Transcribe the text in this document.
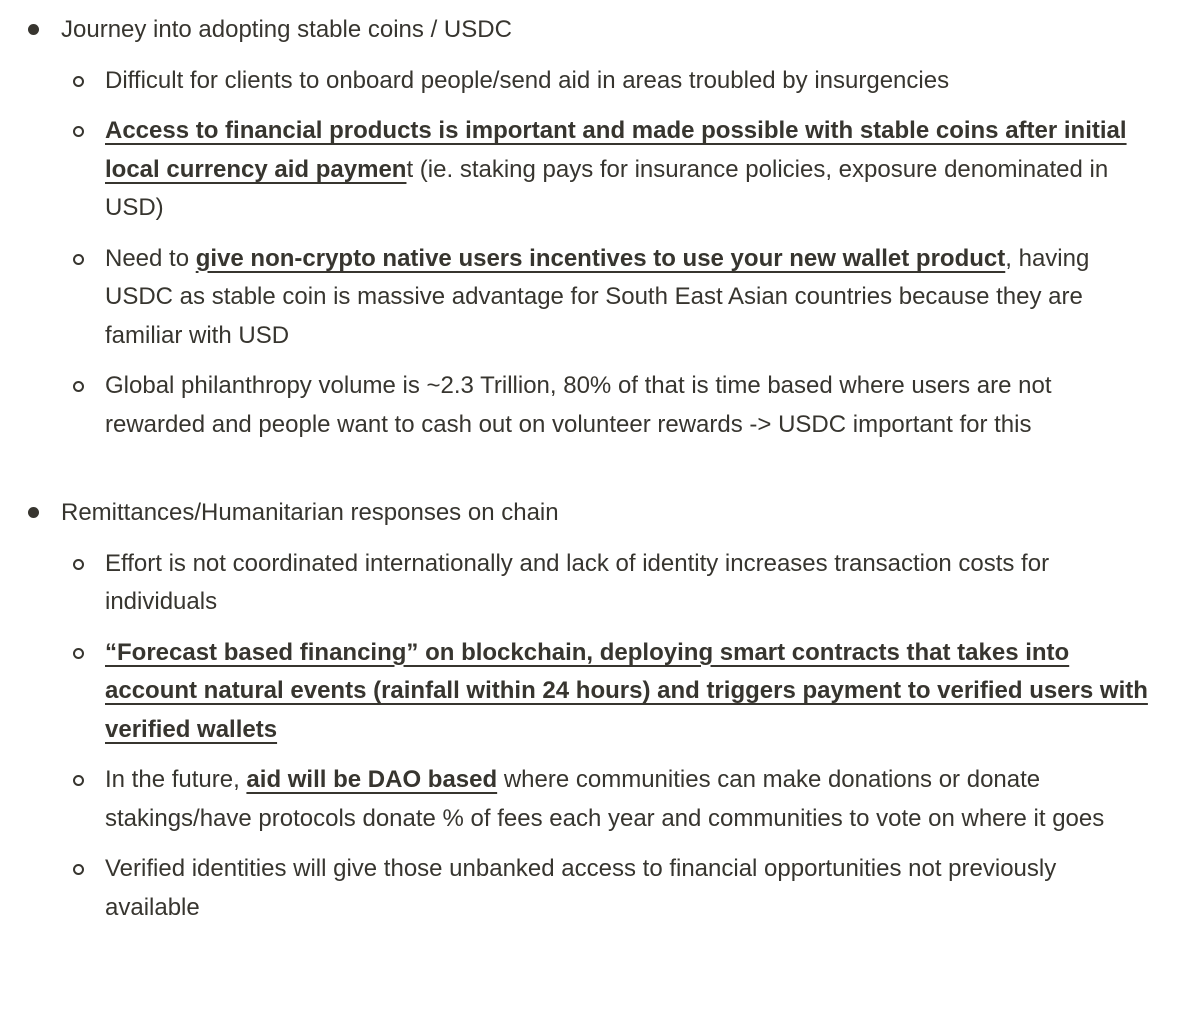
Journey into adopting stable coins / USDC
Difficult for clients to onboard people/send aid in areas troubled by insurgencies
Access to financial products is important and made possible with stable coins after initial local currency aid payment (ie. staking pays for insurance policies, exposure denominated in USD)
Need to give non-crypto native users incentives to use your new wallet product, having USDC as stable coin is massive advantage for South East Asian countries because they are familiar with USD
Global philanthropy volume is ~2.3 Trillion, 80% of that is time based where users are not rewarded and people want to cash out on volunteer rewards -> USDC important for this
Remittances/Humanitarian responses on chain
Effort is not coordinated internationally and lack of identity increases transaction costs for individuals
“Forecast based financing” on blockchain, deploying smart contracts that takes into account natural events (rainfall within 24 hours) and triggers payment to verified users with verified wallets
In the future, aid will be DAO based where communities can make donations or donate stakings/have protocols donate % of fees each year and communities to vote on where it goes
Verified identities will give those unbanked access to financial opportunities not previously available
